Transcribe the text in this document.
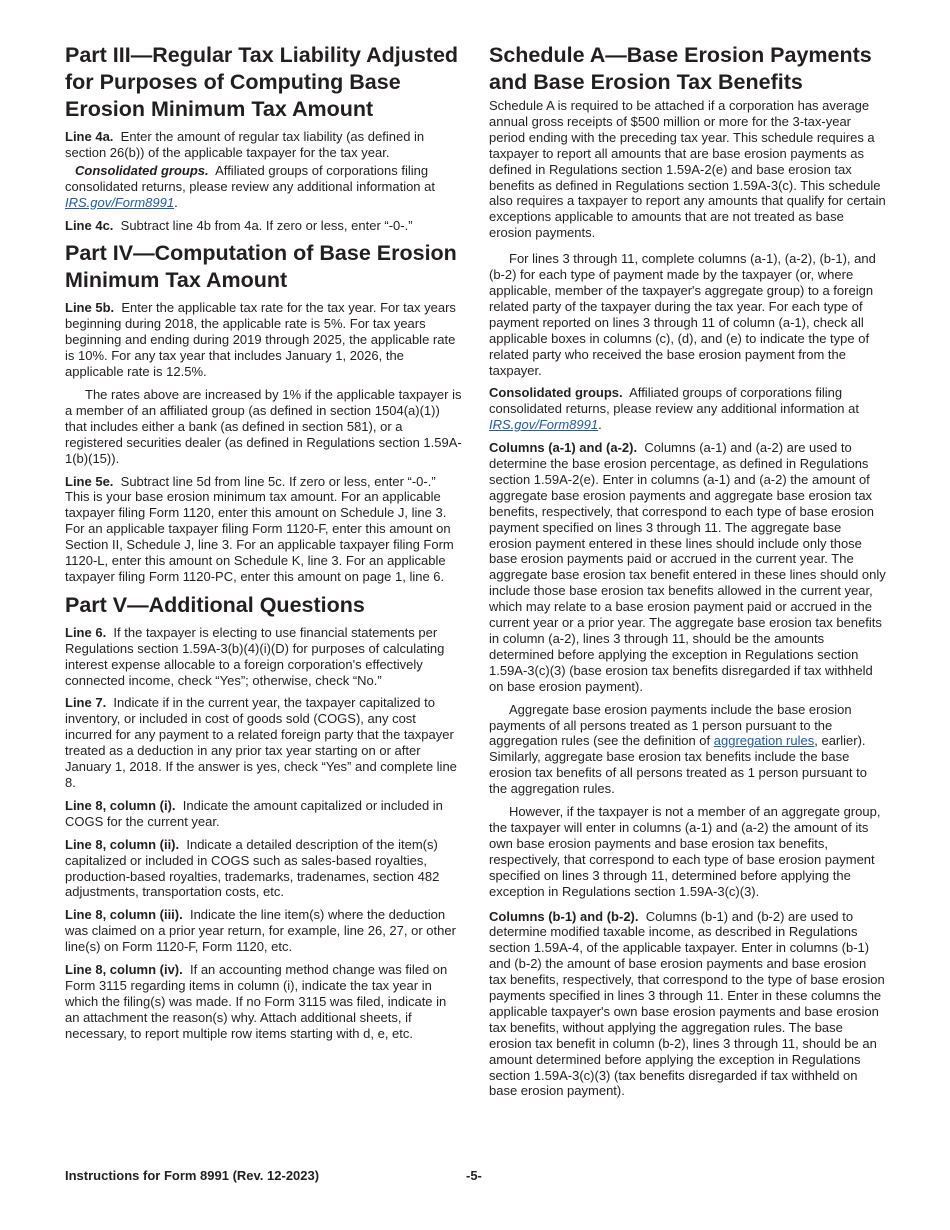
Part III—Regular Tax Liability Adjusted for Purposes of Computing Base Erosion Minimum Tax Amount

Line 4a. Enter the amount of regular tax liability (as defined in section 26(b)) of the applicable taxpayer for the tax year.

Consolidated groups. Affiliated groups of corporations filing consolidated returns, please review any additional information at IRS.gov/Form8991.

Line 4c. Subtract line 4b from 4a. If zero or less, enter “-0-.”

Part IV—Computation of Base Erosion Minimum Tax Amount

Line 5b. Enter the applicable tax rate for the tax year. For tax years beginning during 2018, the applicable rate is 5%. For tax years beginning and ending during 2019 through 2025, the applicable rate is 10%. For any tax year that includes January 1, 2026, the applicable rate is 12.5%.

The rates above are increased by 1% if the applicable taxpayer is a member of an affiliated group (as defined in section 1504(a)(1)) that includes either a bank (as defined in section 581), or a registered securities dealer (as defined in Regulations section 1.59A-1(b)(15)).

Line 5e. Subtract line 5d from line 5c. If zero or less, enter “-0-.” This is your base erosion minimum tax amount. For an applicable taxpayer filing Form 1120, enter this amount on Schedule J, line 3. For an applicable taxpayer filing Form 1120-F, enter this amount on Section II, Schedule J, line 3. For an applicable taxpayer filing Form 1120-L, enter this amount on Schedule K, line 3. For an applicable taxpayer filing Form 1120-PC, enter this amount on page 1, line 6.

Part V—Additional Questions

Line 6. If the taxpayer is electing to use financial statements per Regulations section 1.59A-3(b)(4)(i)(D) for purposes of calculating interest expense allocable to a foreign corporation's effectively connected income, check “Yes”; otherwise, check “No.”

Line 7. Indicate if in the current year, the taxpayer capitalized to inventory, or included in cost of goods sold (COGS), any cost incurred for any payment to a related foreign party that the taxpayer treated as a deduction in any prior tax year starting on or after January 1, 2018. If the answer is yes, check “Yes” and complete line 8.

Line 8, column (i). Indicate the amount capitalized or included in COGS for the current year.

Line 8, column (ii). Indicate a detailed description of the item(s) capitalized or included in COGS such as sales-based royalties, production-based royalties, trademarks, tradenames, section 482 adjustments, transportation costs, etc.

Line 8, column (iii). Indicate the line item(s) where the deduction was claimed on a prior year return, for example, line 26, 27, or other line(s) on Form 1120-F, Form 1120, etc.

Line 8, column (iv). If an accounting method change was filed on Form 3115 regarding items in column (i), indicate the tax year in which the filing(s) was made. If no Form 3115 was filed, indicate in an attachment the reason(s) why. Attach additional sheets, if necessary, to report multiple row items starting with d, e, etc.

Schedule A—Base Erosion Payments and Base Erosion Tax Benefits

Schedule A is required to be attached if a corporation has average annual gross receipts of $500 million or more for the 3-tax-year period ending with the preceding tax year. This schedule requires a taxpayer to report all amounts that are base erosion payments as defined in Regulations section 1.59A-2(e) and base erosion tax benefits as defined in Regulations section 1.59A-3(c). This schedule also requires a taxpayer to report any amounts that qualify for certain exceptions applicable to amounts that are not treated as base erosion payments.

For lines 3 through 11, complete columns (a-1), (a-2), (b-1), and (b-2) for each type of payment made by the taxpayer (or, where applicable, member of the taxpayer's aggregate group) to a foreign related party of the taxpayer during the tax year. For each type of payment reported on lines 3 through 11 of column (a-1), check all applicable boxes in columns (c), (d), and (e) to indicate the type of related party who received the base erosion payment from the taxpayer.

Consolidated groups. Affiliated groups of corporations filing consolidated returns, please review any additional information at IRS.gov/Form8991.

Columns (a-1) and (a-2). Columns (a-1) and (a-2) are used to determine the base erosion percentage, as defined in Regulations section 1.59A-2(e). Enter in columns (a-1) and (a-2) the amount of aggregate base erosion payments and aggregate base erosion tax benefits, respectively, that correspond to each type of base erosion payment specified on lines 3 through 11. The aggregate base erosion payment entered in these lines should include only those base erosion payments paid or accrued in the current year. The aggregate base erosion tax benefit entered in these lines should only include those base erosion tax benefits allowed in the current year, which may relate to a base erosion payment paid or accrued in the current year or a prior year. The aggregate base erosion tax benefits in column (a-2), lines 3 through 11, should be the amounts determined before applying the exception in Regulations section 1.59A-3(c)(3) (base erosion tax benefits disregarded if tax withheld on base erosion payment).

Aggregate base erosion payments include the base erosion payments of all persons treated as 1 person pursuant to the aggregation rules (see the definition of aggregation rules, earlier). Similarly, aggregate base erosion tax benefits include the base erosion tax benefits of all persons treated as 1 person pursuant to the aggregation rules.

However, if the taxpayer is not a member of an aggregate group, the taxpayer will enter in columns (a-1) and (a-2) the amount of its own base erosion payments and base erosion tax benefits, respectively, that correspond to each type of base erosion payment specified on lines 3 through 11, determined before applying the exception in Regulations section 1.59A-3(c)(3).

Columns (b-1) and (b-2). Columns (b-1) and (b-2) are used to determine modified taxable income, as described in Regulations section 1.59A-4, of the applicable taxpayer. Enter in columns (b-1) and (b-2) the amount of base erosion payments and base erosion tax benefits, respectively, that correspond to the type of base erosion payments specified in lines 3 through 11. Enter in these columns the applicable taxpayer's own base erosion payments and base erosion tax benefits, without applying the aggregation rules. The base erosion tax benefit in column (b-2), lines 3 through 11, should be an amount determined before applying the exception in Regulations section 1.59A-3(c)(3) (tax benefits disregarded if tax withheld on base erosion payment).

Instructions for Form 8991 (Rev. 12-2023)	-5-
